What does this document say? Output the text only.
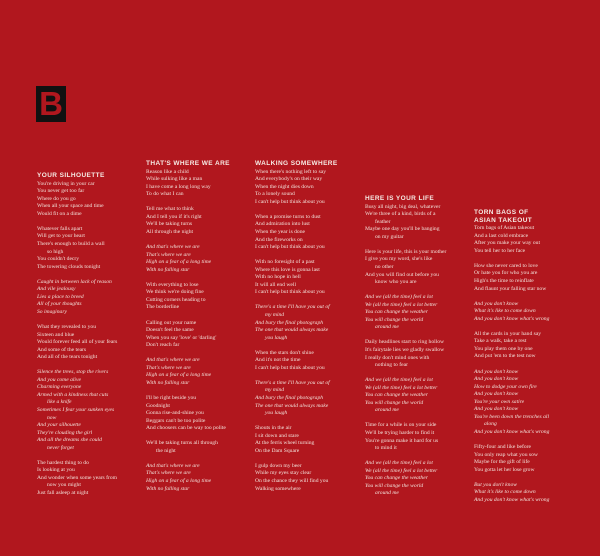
B
YOUR SILHOUETTE
You're driving in your car
You never get too far
Where do you go
When all your space and time
Would fit on a dime
Whatever falls apart
Will get to your heart
There's enough to build a wall
so high
You couldn't decry
The towering clouds tonight
Caught in between lack of reason
And vile jealousy
Lies a place to breed
All of your thoughts
So imaginary
What they revealed to you
Sixteen and blue
Would forever feed all of your fears
And some of the tears
And all of the tears tonight
Silence the trees, stop the rivers
And you come alive
Charming everyone
Armed with a kindness that cuts
like a knife
Sometimes I fear your sunken eyes
now
And your silhouette
They're clouding the girl
And all the dreams she could
never forget
The hardest thing to do
Is looking at you
And wonder when some years from
now you might
Just fall asleep at night
THAT'S WHERE WE ARE
Reason like a child
While sulking like a man
I have come a long long way
To do what I can
Tell me what to think
And I tell you if it's right
We'll be taking turns
All through the night
And that's where we are
That's where we are
High on a fear of a long time
With no falling star
With everything to lose
We think we're doing fine
Cutting corners heading to
The borderline
Calling out your name
Doesn't feel the same
When you say 'love' or 'darling'
Don't reach far
And that's where we are
That's where we are
High on a fear of a long time
With no falling star
I'll be right beside you
Goodnight
Gonna rise-and-shine you
Beggars can't be too polite
And choosers can be way too polite
We'll be taking turns all through
the night
And that's where we are
That's where we are
High on a fear of a long time
With no falling star
WALKING SOMEWHERE
When there's nothing left to say
And everybody's on their way
When the night dies down
To a lonely sound
I can't help but think about you
When a promise turns to dust
And admiration into lust
When the year is done
And the fireworks on
I can't help but think about you
With no foresight of a past
Where this love is gonna last
With no hope in hell
It will all end well
I can't help but think about you
There's a time I'll have you out of
my mind
And bury the final photograph
The one that would always make
you laugh
When the stars don't shine
And it's not the time
I can't help but think about you
There's a time I'll have you out of
my mind
And bury the final photograph
The one that would always make
you laugh
Shouts in the air
I sit down and stare
At the ferris wheel turning
On the Dam Square
I gulp down my beer
While my eyes stay clear
On the chance they will find you
Walking somewhere
HERE IS YOUR LIFE
Busy all night, big deal, whatever
We're three of a kind, birds of a
feather
Maybe one day you'll be banging
on my guitar
Here is your life, this is your mother
I give you my word, she's like
no other
And you will find out before you
know who you are
And we (all the time) feel a lot
We (all the time) feel a lot better
You can change the weather
You will change the world
around me
Daily headlines start to ring hollow
It's fairytale lies we gladly swallow
I really don't mind ones with
nothing to fear
And we (all the time) feel a lot
We (all the time) feel a lot better
You can change the weather
You will change the world
around me
Time for a while is on your side
We'll be trying harder to find it
You're gonna make it hard for us
to mind it
And we (all the time) feel a lot
We (all the time) feel a lot better
You can change the weather
You will change the world
around me
TORN BAGS OF
ASIAN TAKEOUT
Torn bags of Asian takeout
And a last cold embrace
After you make your way out
You tell her to her face
How she never cared to love
Or hate you for who you are
High's the time to reinflate
And flaunt your falling star now
And you don't know
What it's like to come down
And you don't know what's wrong
All the cards in your hand say
Take a walk, take a rest
You play them one by one
And put 'em to the test now
And you don't know
And you don't know
How to dodge your own fire
And you don't know
You're your own satire
And you don't know
You're been down the trenches all
along
And you don't know what's wrong
Fifty-four and like before
You only reap what you sow
Maybe for the gift of life
You gotta let her lose grow
But you don't know
What it's like to come down
And you don't know what's wrong
